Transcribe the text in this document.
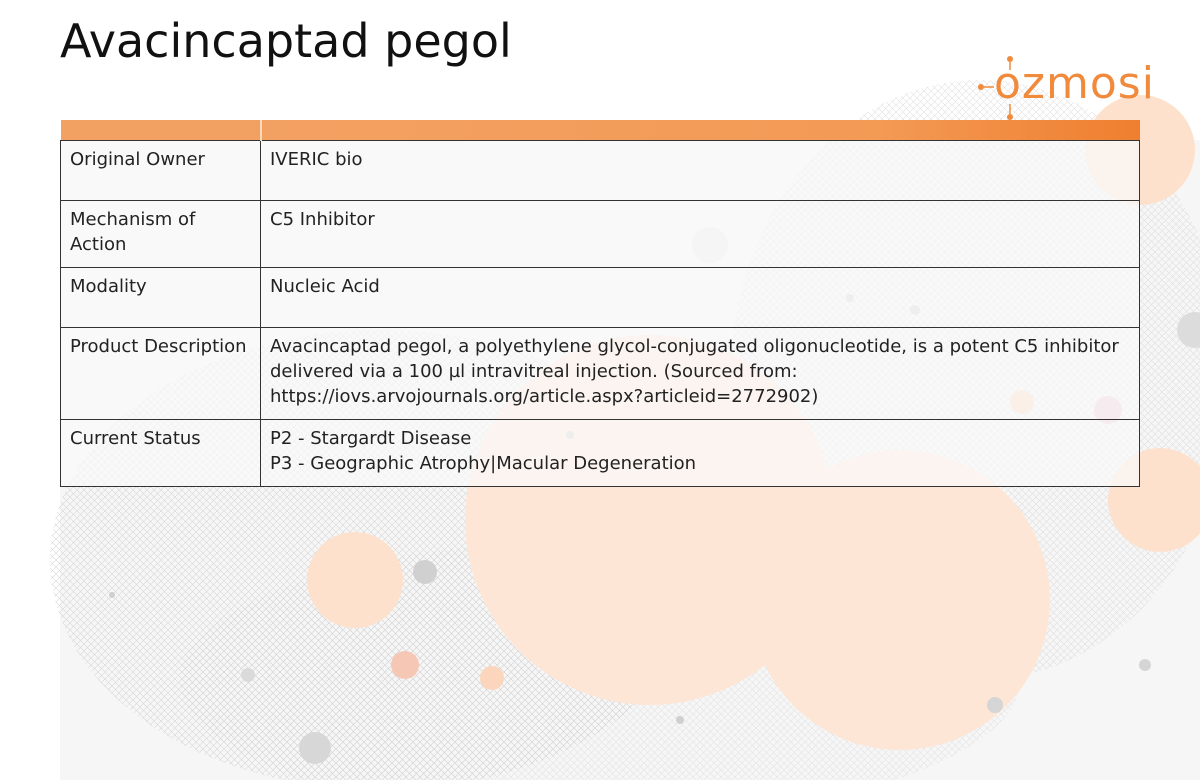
Avacincaptad pegol
ozmosi

Original Owner	IVERIC bio

Mechanism of Action	C5 Inhibitor

Modality	Nucleic Acid

Product Description	Avacincaptad pegol, a polyethylene glycol-conjugated oligonucleotide, is a potent C5 inhibitor delivered via a 100 µl intravitreal injection. (Sourced from: https://iovs.arvojournals.org/article.aspx?articleid=2772902)

Current Status	P2 - Stargardt Disease
P3 - Geographic Atrophy|Macular Degeneration
